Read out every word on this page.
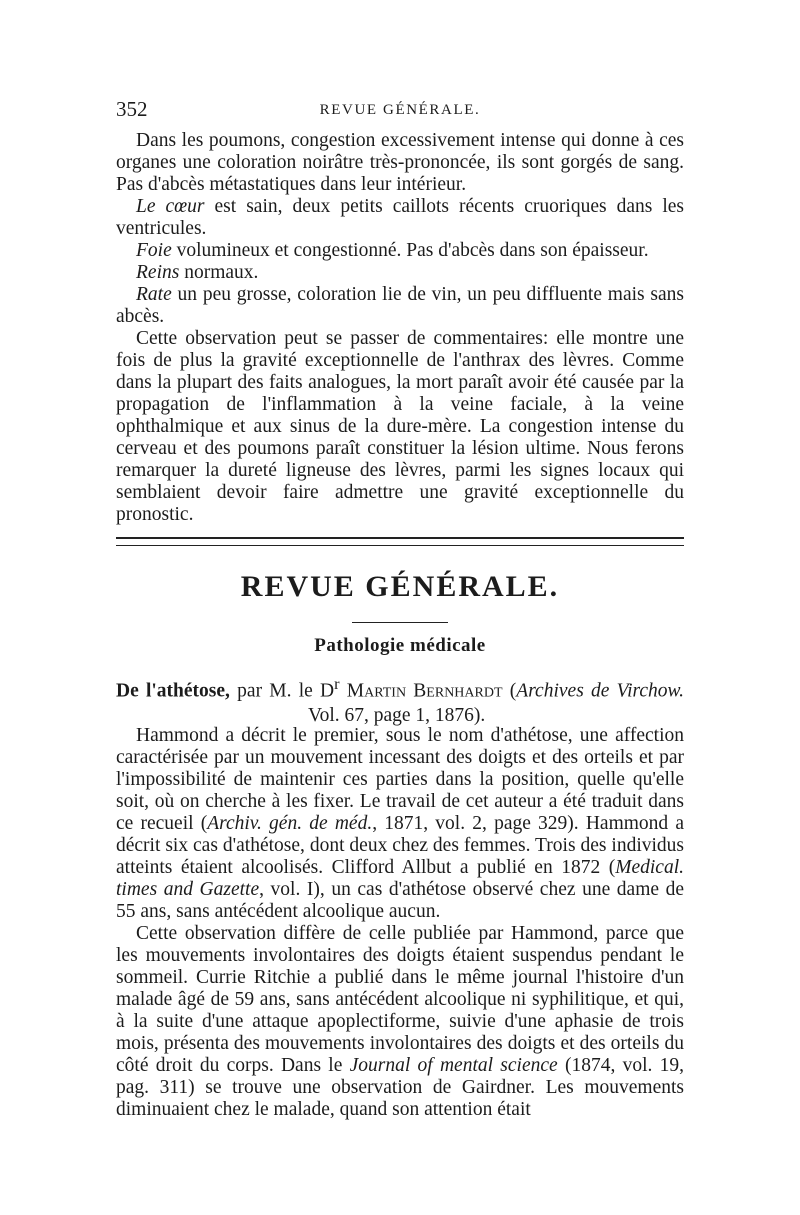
352	REVUE GÉNÉRALE.

Dans les poumons, congestion excessivement intense qui donne à ces organes une coloration noirâtre très-prononcée, ils sont gorgés de sang. Pas d'abcès métastatiques dans leur intérieur.

Le cœur est sain, deux petits caillots récents cruoriques dans les ventricules.

Foie volumineux et congestionné. Pas d'abcès dans son épaisseur.

Reins normaux.

Rate un peu grosse, coloration lie de vin, un peu diffluente mais sans abcès.

Cette observation peut se passer de commentaires: elle montre une fois de plus la gravité exceptionnelle de l'anthrax des lèvres. Comme dans la plupart des faits analogues, la mort paraît avoir été causée par la propagation de l'inflammation à la veine faciale, à la veine ophthalmique et aux sinus de la dure-mère. La congestion intense du cerveau et des poumons paraît constituer la lésion ultime. Nous ferons remarquer la dureté ligneuse des lèvres, parmi les signes locaux qui semblaient devoir faire admettre une gravité exceptionnelle du pronostic.

REVUE GÉNÉRALE.
Pathologie médicale
De l'athétose, par M. le $D^r$ Martin Bernhardt (Archives de Virchow.
Vol. 67, page 1, 1876).

Hammond a décrit le premier, sous le nom d'athétose, une affection caractérisée par un mouvement incessant des doigts et des orteils et par l'impossibilité de maintenir ces parties dans la position, quelle qu'elle soit, où on cherche à les fixer. Le travail de cet auteur a été traduit dans ce recueil (Archiv. gén. de méd., 1871, vol. 2, page 329). Hammond a décrit six cas d'athétose, dont deux chez des femmes. Trois des individus atteints étaient alcoolisés. Clifford Allbut a publié en 1872 (Medical. times and Gazette, vol. I), un cas d'athétose observé chez une dame de 55 ans, sans antécédent alcoolique aucun.

Cette observation diffère de celle publiée par Hammond, parce que les mouvements involontaires des doigts étaient suspendus pendant le sommeil. Currie Ritchie a publié dans le même journal l'histoire d'un malade âgé de 59 ans, sans antécédent alcoolique ni syphilitique, et qui, à la suite d'une attaque apoplectiforme, suivie d'une aphasie de trois mois, présenta des mouvements involontaires des doigts et des orteils du côté droit du corps. Dans le Journal of mental science (1874, vol. 19, pag. 311) se trouve une observation de Gairdner. Les mouvements diminuaient chez le malade, quand son attention était
